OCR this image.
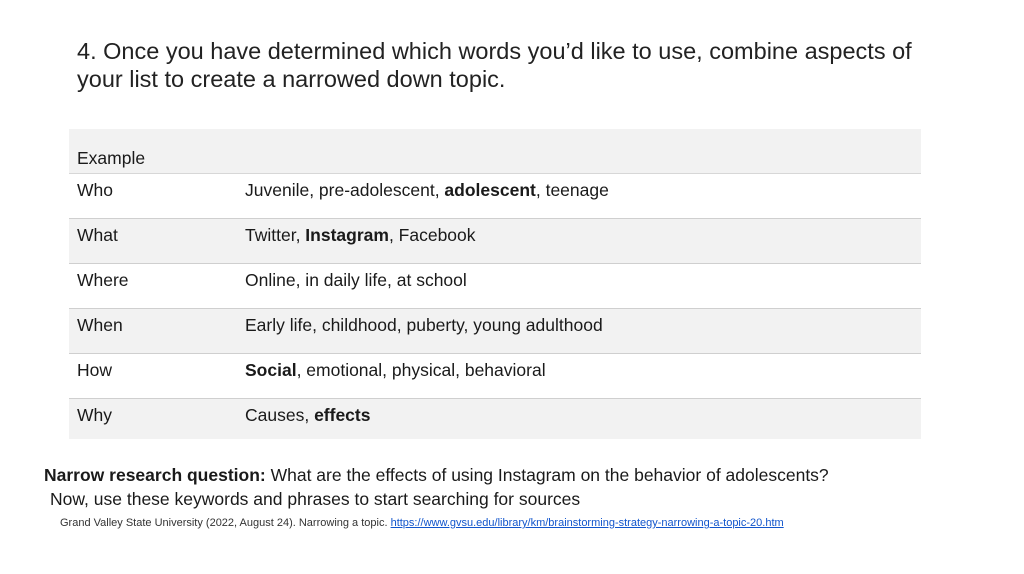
4. Once you have determined which words you’d like to use, combine aspects of your list to create a narrowed down topic.
Example
Who	Juvenile, pre-adolescent, adolescent, teenage
What	Twitter, Instagram, Facebook
Where	Online, in daily life, at school
When	Early life, childhood, puberty, young adulthood
How	Social, emotional, physical, behavioral
Why	Causes, effects
Narrow research question: What are the effects of using Instagram on the behavior of adolescents?
Now, use these keywords and phrases to start searching for sources
Grand Valley State University (2022, August 24). Narrowing a topic. https://www.gvsu.edu/library/km/brainstorming-strategy-narrowing-a-topic-20.htm
